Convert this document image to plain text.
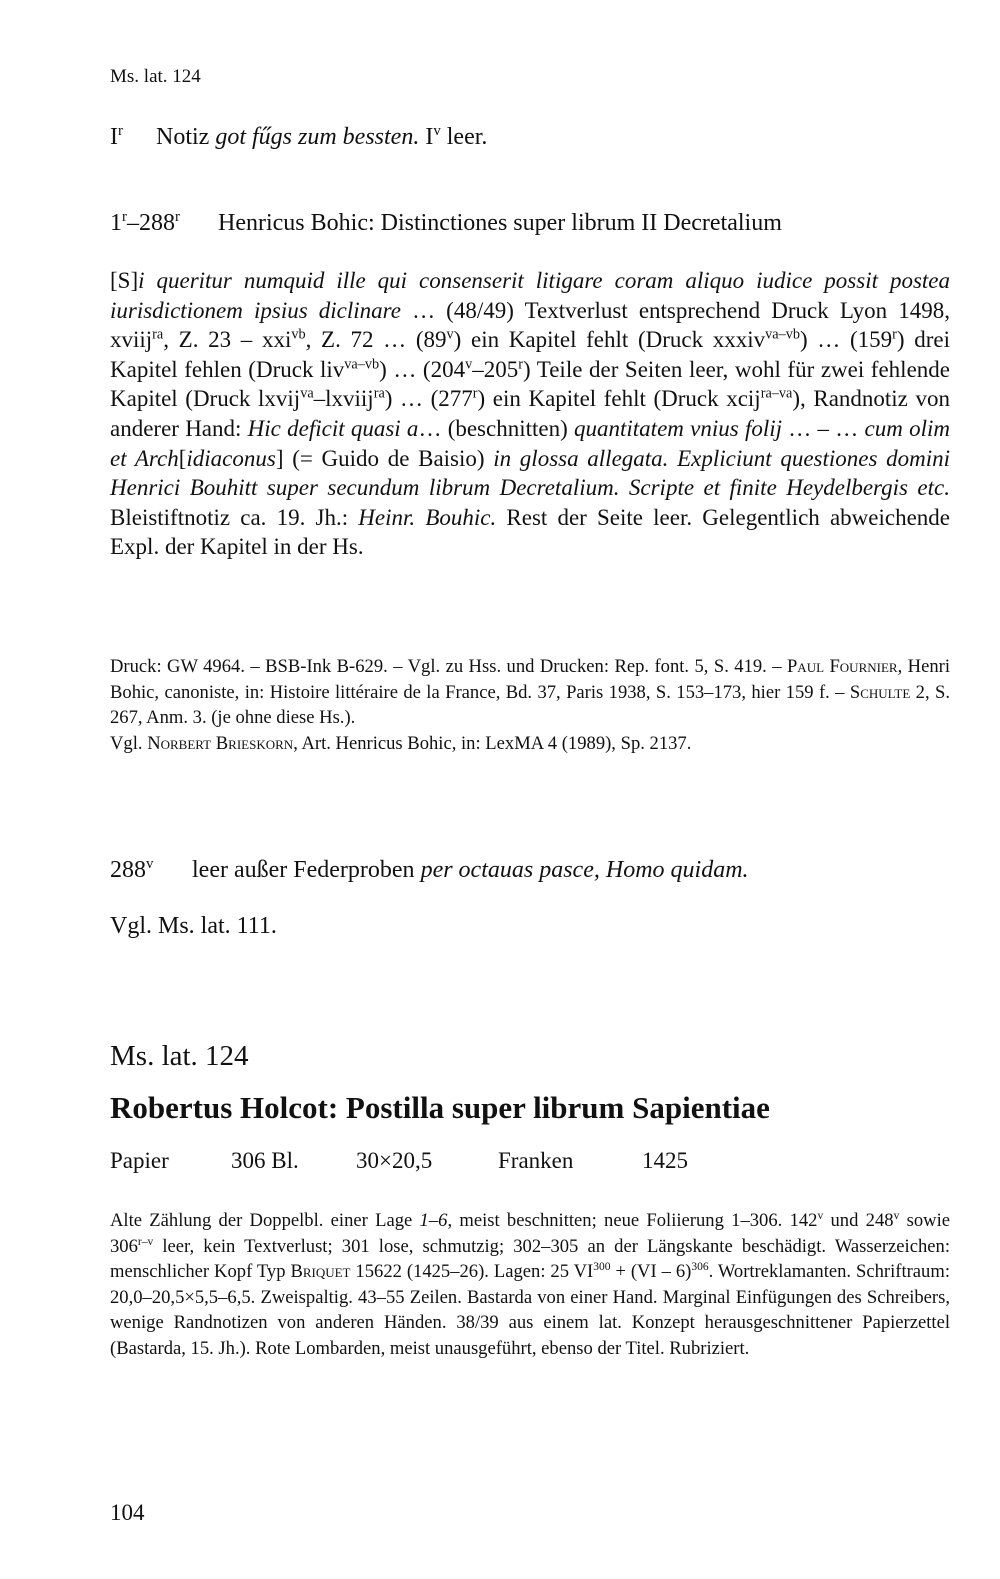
Ms. lat. 124
$I^r$ Notiz got fűgs zum bessten. $I^v$ leer.
1$^r$–288$^r$ Henricus Bohic: Distinctiones super librum II Decretalium

[S]i queritur numquid ille qui consenserit litigare coram aliquo iudice possit postea iurisdictionem ipsius diclinare … (48/49) Textverlust entsprechend Druck Lyon 1498, xviij$^{ra}$, Z. 23 – xxi$^{vb}$, Z. 72 … (89$^v$) ein Kapitel fehlt (Druck xxxiv$^{va-vb}$) … (159$^r$) drei Kapitel fehlen (Druck liv$^{va-vb}$) … (204$^v$–205$^r$) Teile der Seiten leer, wohl für zwei fehlende Kapitel (Druck lxvij$^{va}$–lxviij$^{ra}$) … (277$^r$) ein Kapitel fehlt (Druck xcij$^{ra-va}$), Randnotiz von anderer Hand: Hic deficit quasi a… (beschnitten) quantitatem vnius folij … – … cum olim et Arch[idiaconus] (= Guido de Baisio) in glossa allegata. Expliciunt questiones domini Henrici Bouhitt super secundum librum Decretalium. Scripte et finite Heydelbergis etc. Bleistiftnotiz ca. 19. Jh.: Heinr. Bouhic. Rest der Seite leer. Gelegentlich abweichende Expl. der Kapitel in der Hs.

Druck: GW 4964. – BSB-Ink B-629. – Vgl. zu Hss. und Drucken: Rep. font. 5, S. 419. – Paul Fournier, Henri Bohic, canoniste, in: Histoire littéraire de la France, Bd. 37, Paris 1938, S. 153–173, hier 159 f. – Schulte 2, S. 267, Anm. 3. (je ohne diese Hs.).
Vgl. Norbert Brieskorn, Art. Henricus Bohic, in: LexMA 4 (1989), Sp. 2137.

288$^v$ leer außer Federproben per octauas pasce, Homo quidam.
Vgl. Ms. lat. 111.
Ms. lat. 124
Robertus Holcot: Postilla super librum Sapientiae
Papier	306 Bl. 30×20,5	Franken	1425

Alte Zählung der Doppelbl. einer Lage 1–6, meist beschnitten; neue Foliierung 1–306. 142$^v$ und 248$^v$ sowie 306$^{r-v}$ leer, kein Textverlust; 301 lose, schmutzig; 302–305 an der Längskante beschädigt. Wasserzeichen: menschlicher Kopf Typ Briquet 15622 (1425–26). Lagen: 25 $VI^{300} + (VI - 6)^{306}$. Wortreklamanten. Schriftraum: 20,0–20,5×5,5–6,5. Zweispaltig. 43–55 Zeilen. Bastarda von einer Hand. Marginal Einfügungen des Schreibers, wenige Randnotizen von anderen Händen. 38/39 aus einem lat. Konzept herausgeschnittener Papierzettel (Bastarda, 15. Jh.). Rote Lombarden, meist unausgeführt, ebenso der Titel. Rubriziert.

104
